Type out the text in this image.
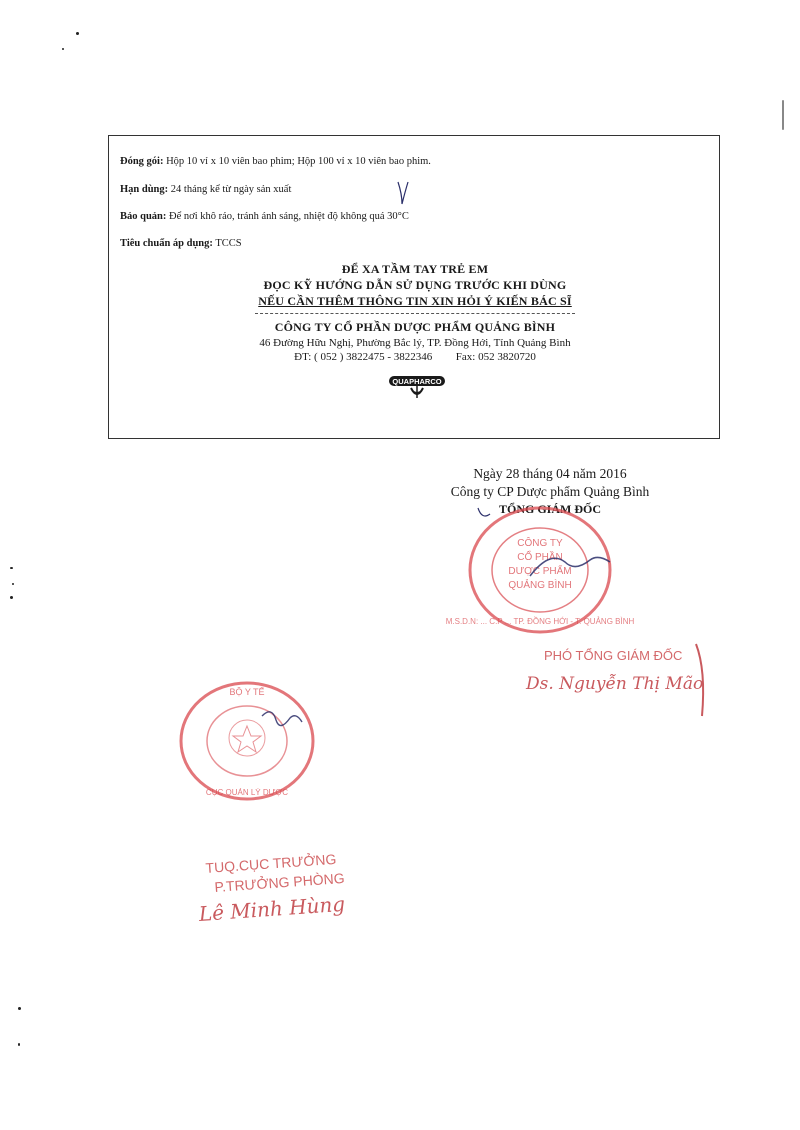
Đóng gói: Hộp 10 vỉ x 10 viên bao phim; Hộp 100 vỉ x 10 viên bao phim.
Hạn dùng: 24 tháng kể từ ngày sản xuất
Bảo quản: Để nơi khô ráo, tránh ánh sáng, nhiệt độ không quá 30°C
Tiêu chuẩn áp dụng: TCCS
ĐỂ XA TẦM TAY TRẺ EM
ĐỌC KỸ HƯỚNG DẪN SỬ DỤNG TRƯỚC KHI DÙNG
NẾU CẦN THÊM THÔNG TIN XIN HỎI Ý KIẾN BÁC SĨ
CÔNG TY CỔ PHẦN DƯỢC PHẨM QUẢNG BÌNH
46 Đường Hữu Nghị, Phường Bắc lý, TP. Đồng Hới, Tỉnh Quảng Bình
ĐT: ( 052 ) 3822475 - 3822346 Fax: 052 3820720
QUAPHARCO
Ngày 28 tháng 04 năm 2016
Công ty CP Dược phẩm Quảng Bình
TỔNG GIÁM ĐỐC
CÔNG TY
CỔ PHẦN
DƯỢC PHẨM
QUẢNG BÌNH
M.S.D.N: ... C.P ... TP. ĐỒNG HỚI - T. QUẢNG BÌNH
PHÓ TỔNG GIÁM ĐỐC
Ds. Nguyễn Thị Mão
BỘ Y TẾ
CỤC QUẢN LÝ DƯỢC
TUQ.CỤC TRƯỞNG
P.TRƯỞNG PHÒNG
Lê Minh Hùng
